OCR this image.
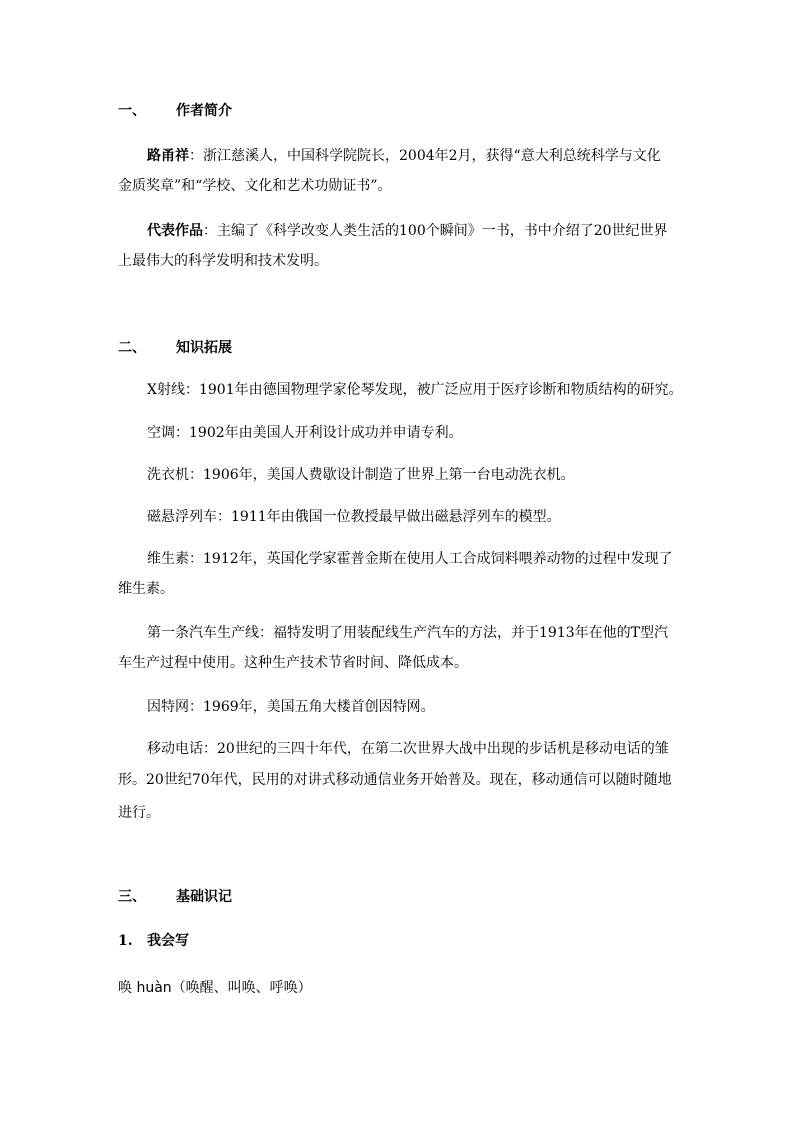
一、 作者简介
路甬祥：浙江慈溪人，中国科学院院长，2004年2月，获得“意大利总统科学与文化
金质奖章”和“学校、文化和艺术功勋证书”。
代表作品：主编了《科学改变人类生活的100个瞬间》一书，书中介绍了20世纪世界
上最伟大的科学发明和技术发明。
二、 知识拓展
X射线：1901年由德国物理学家伦琴发现，被广泛应用于医疗诊断和物质结构的研究。
空调：1902年由美国人开利设计成功并申请专利。
洗衣机：1906年，美国人费歇设计制造了世界上第一台电动洗衣机。
磁悬浮列车：1911年由俄国一位教授最早做出磁悬浮列车的模型。
维生素：1912年，英国化学家霍普金斯在使用人工合成饲料喂养动物的过程中发现了
维生素。
第一条汽车生产线：福特发明了用装配线生产汽车的方法，并于1913年在他的T型汽
车生产过程中使用。这种生产技术节省时间、降低成本。
因特网：1969年，美国五角大楼首创因特网。
移动电话：20世纪的三四十年代，在第二次世界大战中出现的步话机是移动电话的雏
形。20世纪70年代，民用的对讲式移动通信业务开始普及。现在，移动通信可以随时随地
进行。
三、 基础识记
1. 我会写
唤 huàn（唤醒、叫唤、呼唤）
